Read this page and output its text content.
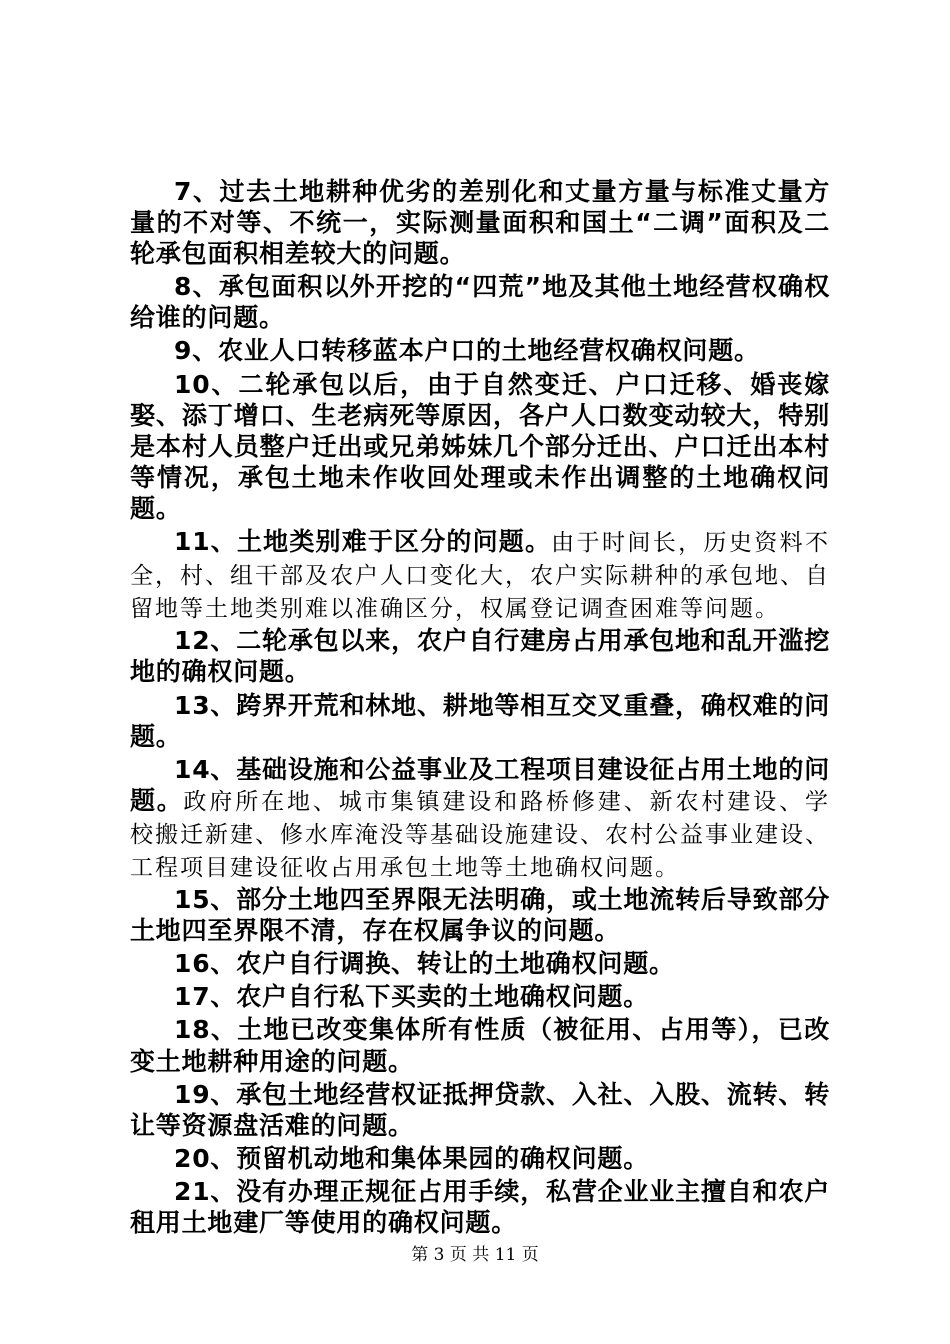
7、过去土地耕种优劣的差别化和丈量方量与标准丈量方量的不对等、不统一，实际测量面积和国土“二调”面积及二轮承包面积相差较大的问题。

8、承包面积以外开挖的“四荒”地及其他土地经营权确权给谁的问题。

9、农业人口转移蓝本户口的土地经营权确权问题。

10、二轮承包以后，由于自然变迁、户口迁移、婚丧嫁娶、添丁增口、生老病死等原因，各户人口数变动较大，特别是本村人员整户迁出或兄弟姊妹几个部分迁出、户口迁出本村等情况，承包土地未作收回处理或未作出调整的土地确权问题。

11、土地类别难于区分的问题。由于时间长，历史资料不全，村、组干部及农户人口变化大，农户实际耕种的承包地、自留地等土地类别难以准确区分，权属登记调查困难等问题。

12、二轮承包以来，农户自行建房占用承包地和乱开滥挖地的确权问题。

13、跨界开荒和林地、耕地等相互交叉重叠，确权难的问题。

14、基础设施和公益事业及工程项目建设征占用土地的问题。政府所在地、城市集镇建设和路桥修建、新农村建设、学校搬迁新建、修水库淹没等基础设施建设、农村公益事业建设、工程项目建设征收占用承包土地等土地确权问题。

15、部分土地四至界限无法明确，或土地流转后导致部分土地四至界限不清，存在权属争议的问题。

16、农户自行调换、转让的土地确权问题。

17、农户自行私下买卖的土地确权问题。

18、土地已改变集体所有性质（被征用、占用等），已改变土地耕种用途的问题。

19、承包土地经营权证抵押贷款、入社、入股、流转、转让等资源盘活难的问题。

20、预留机动地和集体果园的确权问题。

21、没有办理正规征占用手续，私营企业业主擅自和农户租用土地建厂等使用的确权问题。

第 3 页 共 11 页
